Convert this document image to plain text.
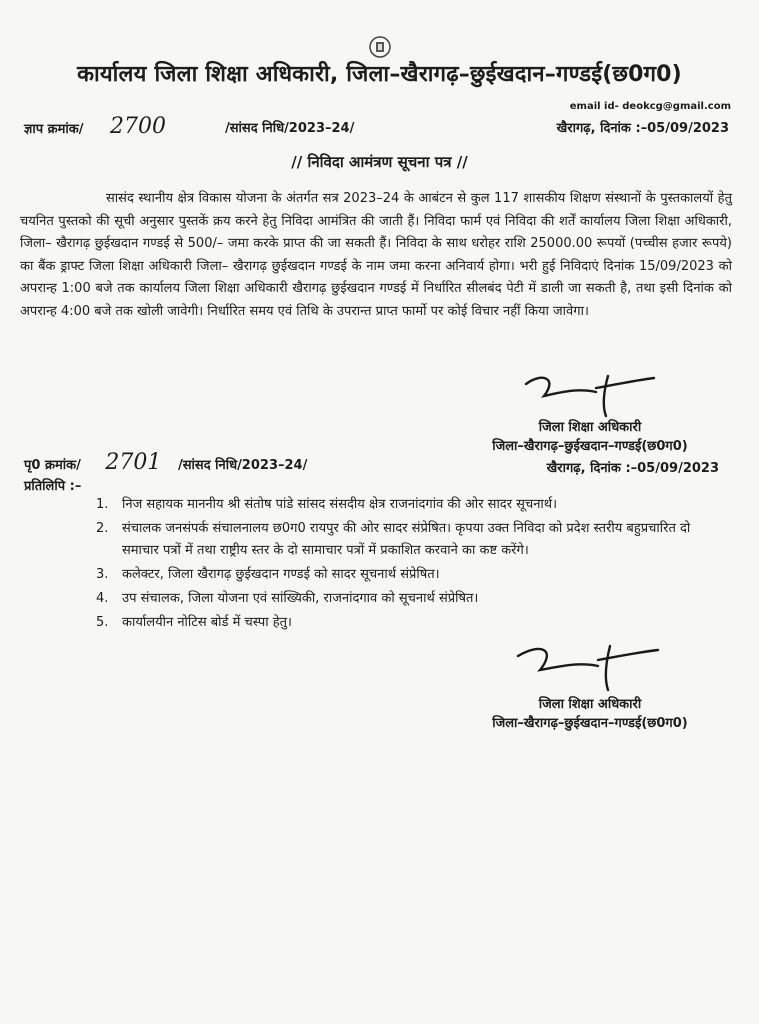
कार्यालय जिला शिक्षा अधिकारी, जिला–खैरागढ़–छुईखदान–गण्डई(छ0ग0)
email id- deokcg@gmail.com
ज्ञाप क्रमांक/ 2700	/सांसद निधि/2023–24/	खैरागढ़, दिनांक :–05/09/2023
// निविदा आमंत्रण सूचना पत्र //
सासंद स्थानीय क्षेत्र विकास योजना के अंतर्गत सत्र 2023–24 के आबंटन से कुल 117 शासकीय शिक्षण संस्थानों के पुस्तकालयों हेतु चयनित पुस्तको की सूची अनुसार पुस्तकें क्रय करने हेतु निविदा आमंत्रित की जाती हैं। निविदा फार्म एवं निविदा की शर्तें कार्यालय जिला शिक्षा अधिकारी, जिला– खैरागढ़ छुईखदान गण्डई से 500/– जमा करके प्राप्त की जा सकती हैं। निविदा के साथ धरोहर राशि 25000.00 रूपयों (पच्चीस हजार रूपये) का बैंक ड्राफ्ट जिला शिक्षा अधिकारी जिला– खैरागढ़ छुईखदान गण्डई के नाम जमा करना अनिवार्य होगा। भरी हुई निविदाएं दिनांक 15/09/2023 को अपरान्ह 1:00 बजे तक कार्यालय जिला शिक्षा अधिकारी खैरागढ़ छुईखदान गण्डई में निर्धारित सीलबंद पेटी में डाली जा सकती है, तथा इसी दिनांक को अपरान्ह 4:00 बजे तक खोली जावेगी। निर्धारित समय एवं तिथि के उपरान्त प्राप्त फार्मो पर कोई विचार नहीं किया जावेगा।
जिला शिक्षा अधिकारी
जिला–खैरागढ़–छुईखदान–गण्डई(छ0ग0)
खैरागढ़, दिनांक :–05/09/2023
पृ0 क्रमांक/ 2701 /सांसद निधि/2023–24/
प्रतिलिपि :–
1. निज सहायक माननीय श्री संतोष पांडे सांसद संसदीय क्षेत्र राजनांदगांव की ओर सादर सूचनार्थ।
2. संचालक जनसंपर्क संचालनालय छ0ग0 रायपुर की ओर सादर संप्रेषित। कृपया उक्त निविदा को प्रदेश स्तरीय बहुप्रचारित दो समाचार पत्रों में तथा राष्ट्रीय स्तर के दो सामाचार पत्रों में प्रकाशित करवाने का कष्ट करेंगे।
3. कलेक्टर, जिला खैरागढ़ छुईखदान गण्डई को सादर सूचनार्थ संप्रेषित।
4. उप संचालक, जिला योजना एवं सांख्यिकी, राजनांदगाव को सूचनार्थ संप्रेषित।
5. कार्यालयीन नोटिस बोर्ड में चस्पा हेतु।
जिला शिक्षा अधिकारी
जिला–खैरागढ़–छुईखदान–गण्डई(छ0ग0)
